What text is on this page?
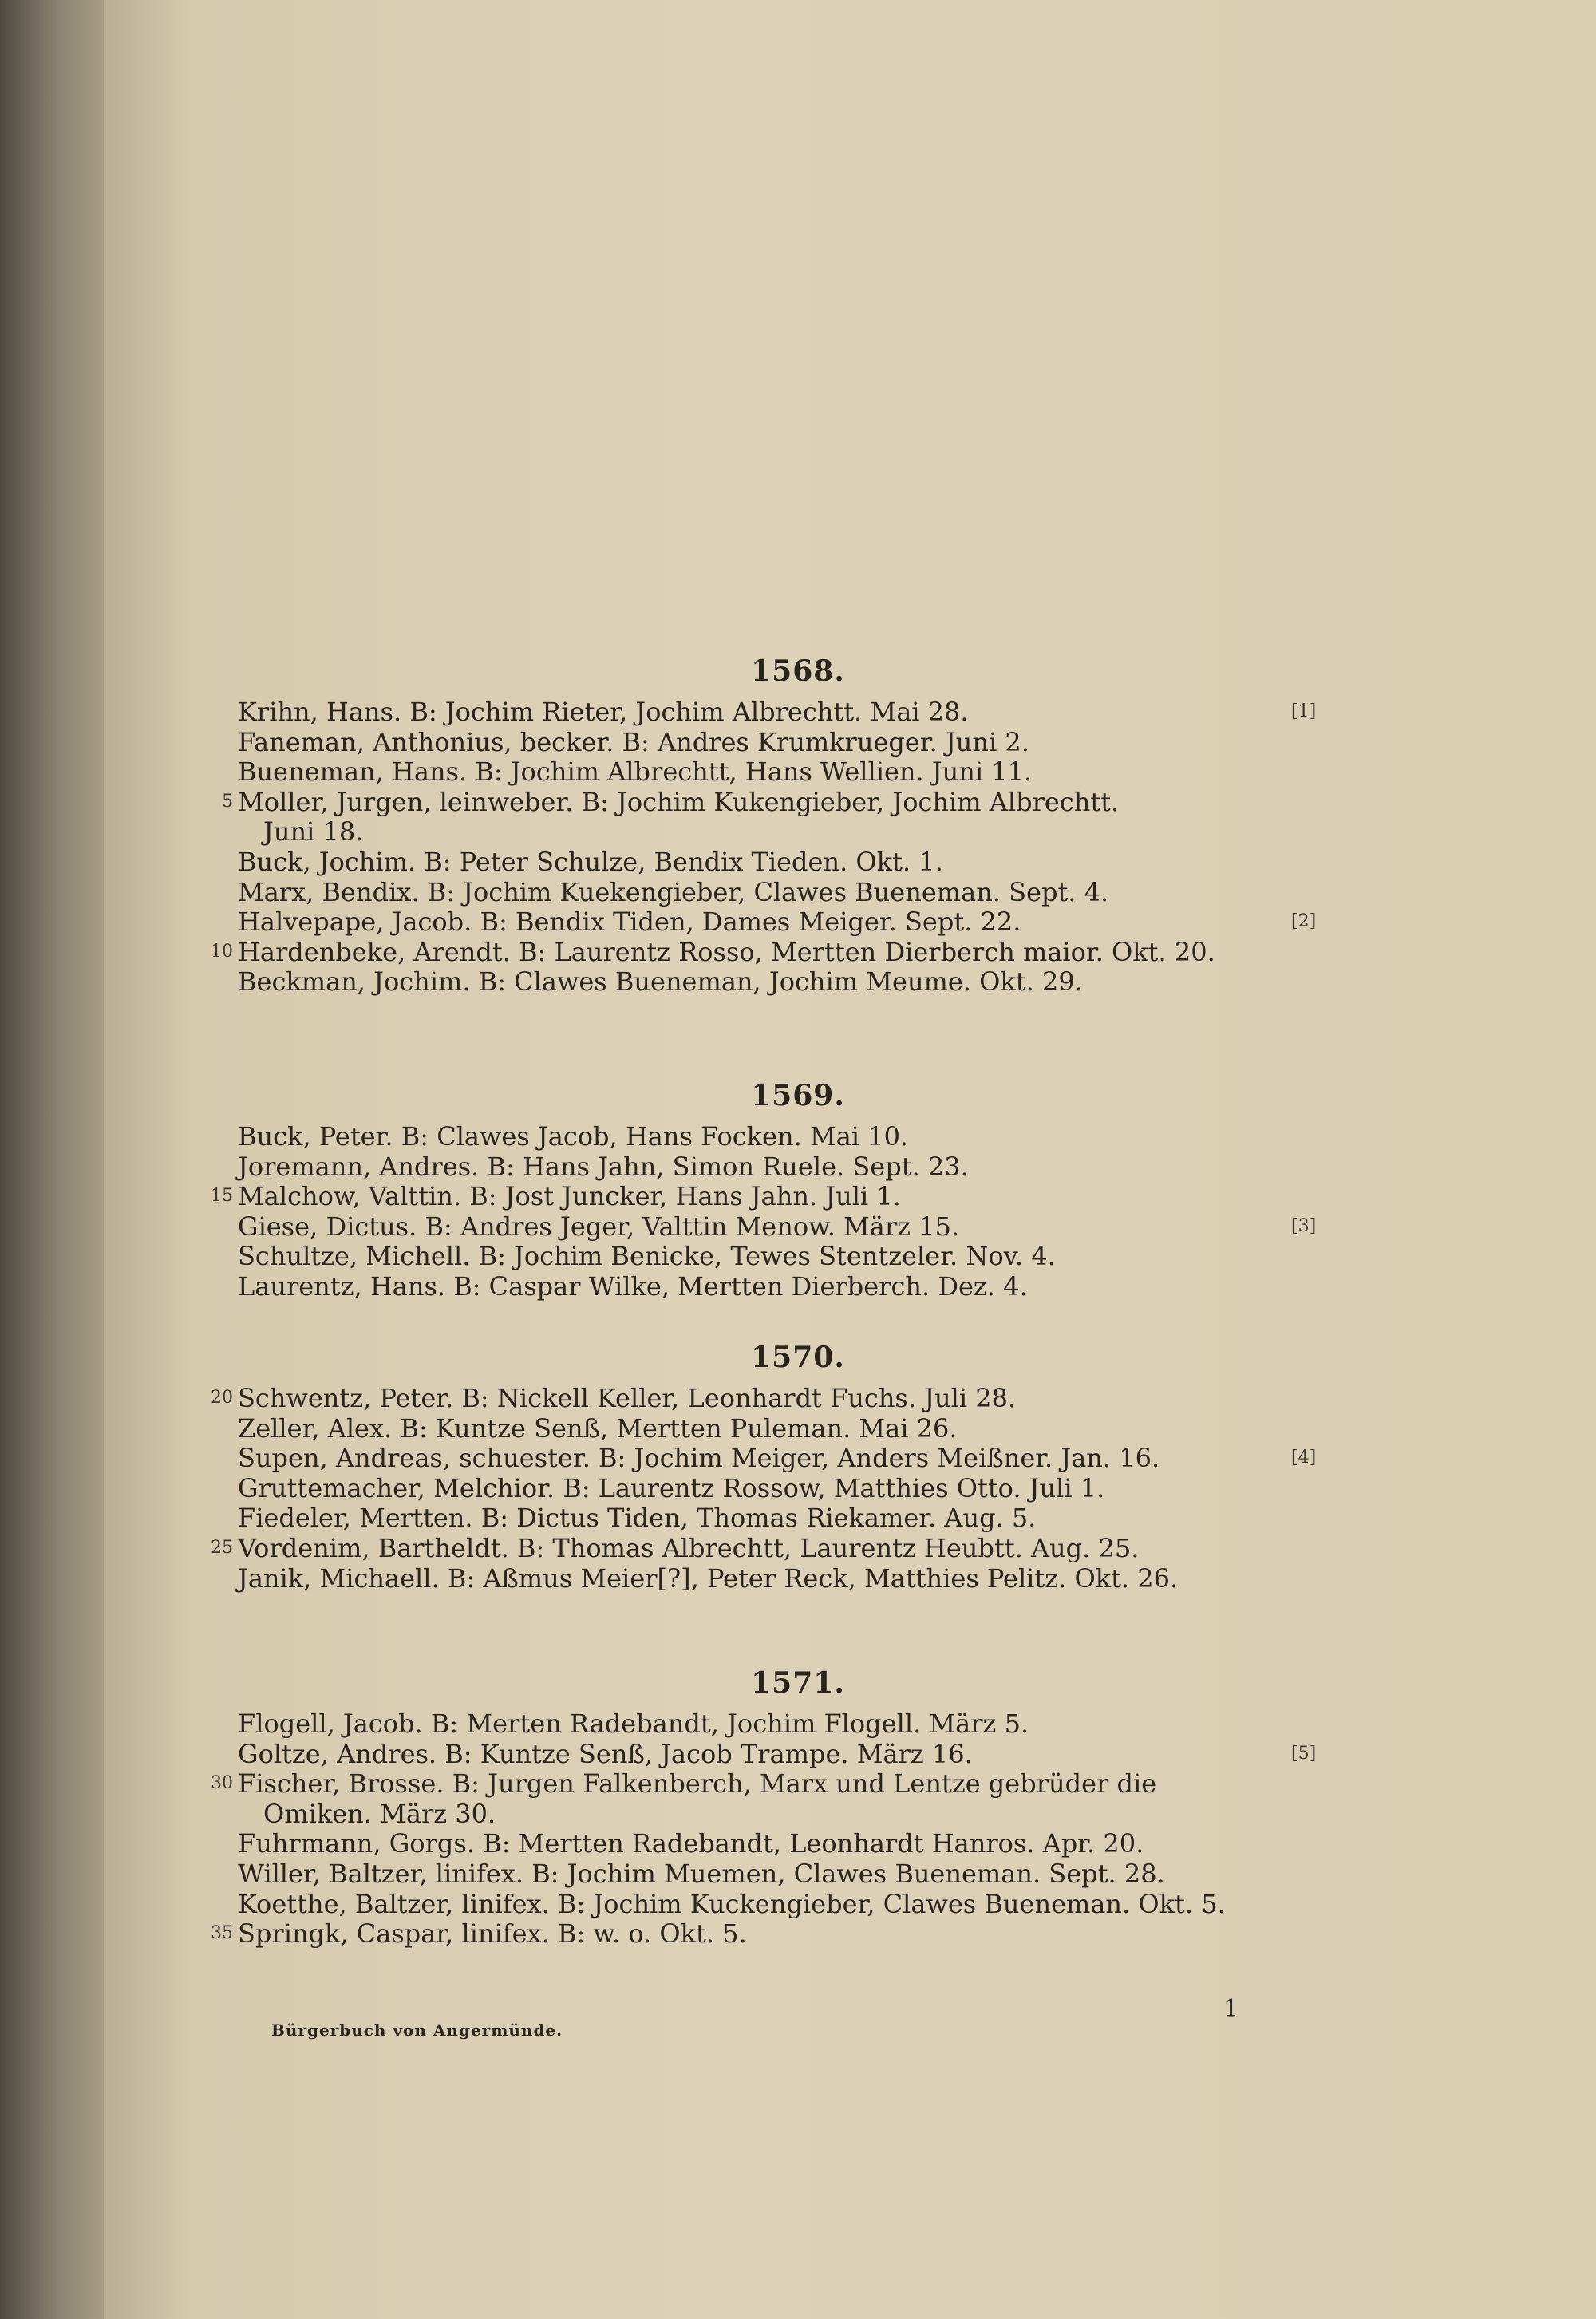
Bürgerbuch von Angermünde.
1
1568.
Krihn, Hans. B: Jochim Rieter, Jochim Albrechtt. Mai 28.	[1]
Faneman, Anthonius, becker. B: Andres Krumkrueger. Juni 2.
Bueneman, Hans. B: Jochim Albrechtt, Hans Wellien. Juni 11.
Moller, Jurgen, leinweber. B: Jochim Kukengieber, Jochim Albrechtt.
5
Juni 18.
Buck, Jochim. B: Peter Schulze, Bendix Tieden. Okt. 1.
Marx, Bendix. B: Jochim Kuekengieber, Clawes Bueneman. Sept. 4.
Halvepape, Jacob. B: Bendix Tiden, Dames Meiger. Sept. 22.	[2]
Hardenbeke, Arendt. B: Laurentz Rosso, Mertten Dierberch maior. Okt. 20.
10
Beckman, Jochim. B: Clawes Bueneman, Jochim Meume. Okt. 29.
1569.
Buck, Peter. B: Clawes Jacob, Hans Focken. Mai 10.
Joremann, Andres. B: Hans Jahn, Simon Ruele. Sept. 23.
Malchow, Valttin. B: Jost Juncker, Hans Jahn. Juli 1.
15
Giese, Dictus. B: Andres Jeger, Valttin Menow. März 15.	[3]
Schultze, Michell. B: Jochim Benicke, Tewes Stentzeler. Nov. 4.
Laurentz, Hans. B: Caspar Wilke, Mertten Dierberch. Dez. 4.
1570.
Schwentz, Peter. B: Nickell Keller, Leonhardt Fuchs. Juli 28.
20
Zeller, Alex. B: Kuntze Senß, Mertten Puleman. Mai 26.
Supen, Andreas, schuester. B: Jochim Meiger, Anders Meißner. Jan. 16.	[4]
Gruttemacher, Melchior. B: Laurentz Rossow, Matthies Otto. Juli 1.
Fiedeler, Mertten. B: Dictus Tiden, Thomas Riekamer. Aug. 5.
Vordenim, Bartheldt. B: Thomas Albrechtt, Laurentz Heubtt. Aug. 25.
25
Janik, Michaell. B: Aßmus Meier[?], Peter Reck, Matthies Pelitz. Okt. 26.
1571.
Flogell, Jacob. B: Merten Radebandt, Jochim Flogell. März 5.
Goltze, Andres. B: Kuntze Senß, Jacob Trampe. März 16.	[5]
Fischer, Brosse. B: Jurgen Falkenberch, Marx und Lentze gebrüder die
30
Omiken. März 30.
Fuhrmann, Gorgs. B: Mertten Radebandt, Leonhardt Hanros. Apr. 20.
Willer, Baltzer, linifex. B: Jochim Muemen, Clawes Bueneman. Sept. 28.
Koetthe, Baltzer, linifex. B: Jochim Kuckengieber, Clawes Bueneman. Okt. 5.
Springk, Caspar, linifex. B: w. o. Okt. 5.
35
